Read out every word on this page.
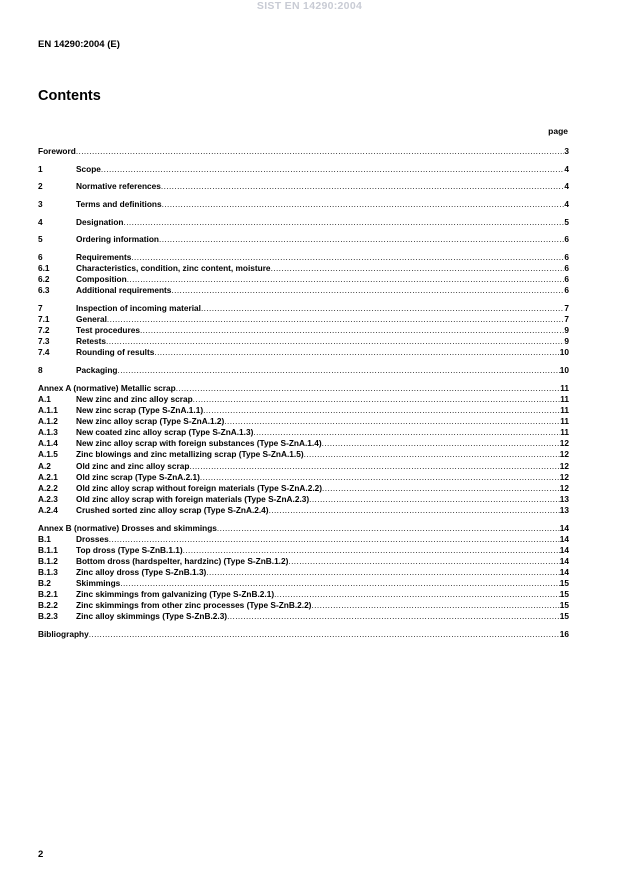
SIST EN 14290:2004
EN 14290:2004 (E)
Contents
page
Foreword .....	3
1	Scope .....	4
2	Normative references .....	4
3	Terms and definitions .....	4
4	Designation .....	5
5	Ordering information .....	6
6	Requirements .....	6
6.1	Characteristics, condition, zinc content, moisture .....	6
6.2	Composition .....	6
6.3	Additional requirements .....	6
7	Inspection of incoming material .....	7
7.1	General .....	7
7.2	Test procedures .....	9
7.3	Retests .....	9
7.4	Rounding of results .....	10
8	Packaging .....	10
Annex A (normative) Metallic scrap .....	11
A.1	New zinc and zinc alloy scrap .....	11
A.1.1	New zinc scrap (Type S-ZnA.1.1) .....	11
A.1.2	New zinc alloy scrap (Type S-ZnA.1.2) .....	11
A.1.3	New coated zinc alloy scrap (Type S-ZnA.1.3) .....	11
A.1.4	New zinc alloy scrap with foreign substances (Type S-ZnA.1.4) .....	12
A.1.5	Zinc blowings and zinc metallizing scrap (Type S-ZnA.1.5) .....	12
A.2	Old zinc and zinc alloy scrap .....	12
A.2.1	Old zinc scrap (Type S-ZnA.2.1) .....	12
A.2.2	Old zinc alloy scrap without foreign materials (Type S-ZnA.2.2) .....	12
A.2.3	Old zinc alloy scrap with foreign materials (Type S-ZnA.2.3) .....	13
A.2.4	Crushed sorted zinc alloy scrap (Type S-ZnA.2.4) .....	13
Annex B (normative) Drosses and skimmings .....	14
B.1	Drosses .....	14
B.1.1	Top dross (Type S-ZnB.1.1) .....	14
B.1.2	Bottom dross (hardspelter, hardzinc) (Type S-ZnB.1.2) .....	14
B.1.3	Zinc alloy dross (Type S-ZnB.1.3) .....	14
B.2	Skimmings .....	15
B.2.1	Zinc skimmings from galvanizing (Type S-ZnB.2.1) .....	15
B.2.2	Zinc skimmings from other zinc processes (Type S-ZnB.2.2) .....	15
B.2.3	Zinc alloy skimmings (Type S-ZnB.2.3) .....	15
Bibliography .....	16
2
